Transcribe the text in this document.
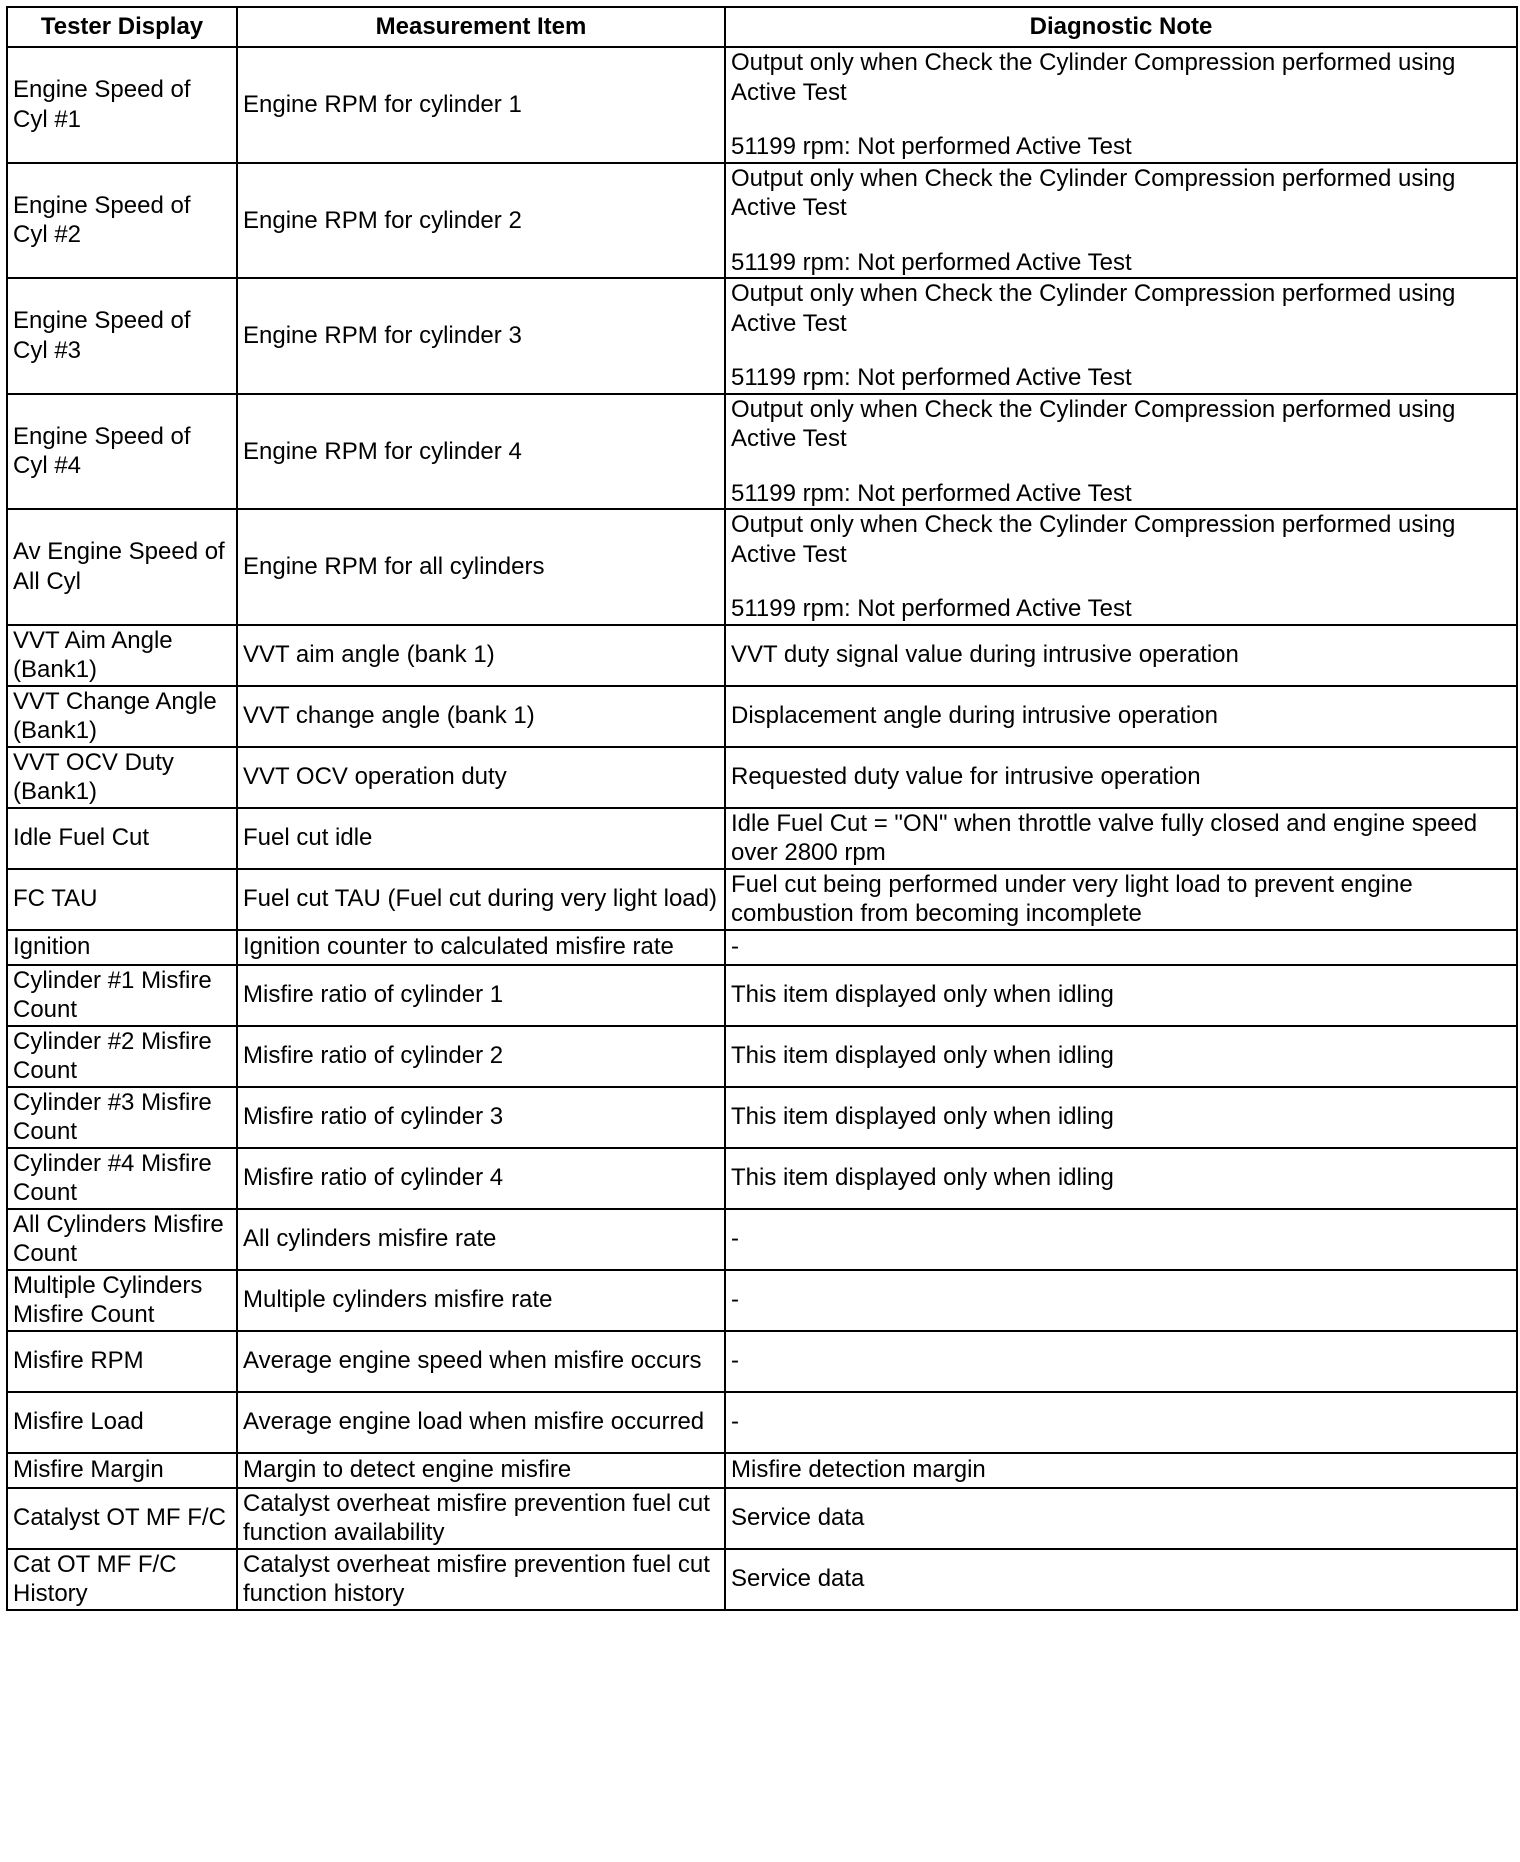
Tester Display	Measurement Item	Diagnostic Note
Engine Speed of Cyl #1	Engine RPM for cylinder 1	Output only when Check the Cylinder Compression performed using Active Test
51199 rpm: Not performed Active Test

Engine Speed of Cyl #2	Engine RPM for cylinder 2	Output only when Check the Cylinder Compression performed using Active Test
51199 rpm: Not performed Active Test

Engine Speed of Cyl #3	Engine RPM for cylinder 3	Output only when Check the Cylinder Compression performed using Active Test
51199 rpm: Not performed Active Test

Engine Speed of Cyl #4	Engine RPM for cylinder 4	Output only when Check the Cylinder Compression performed using Active Test
51199 rpm: Not performed Active Test

Av Engine Speed of All Cyl	Engine RPM for all cylinders	Output only when Check the Cylinder Compression performed using Active Test
51199 rpm: Not performed Active Test

VVT Aim Angle (Bank1)	VVT aim angle (bank 1)	VVT duty signal value during intrusive operation

VVT Change Angle (Bank1)	VVT change angle (bank 1)	Displacement angle during intrusive operation

VVT OCV Duty (Bank1)	VVT OCV operation duty	Requested duty value for intrusive operation

Idle Fuel Cut	Fuel cut idle	Idle Fuel Cut = "ON" when throttle valve fully closed and engine speed over 2800 rpm

FC TAU	Fuel cut TAU (Fuel cut during very light load)	Fuel cut being performed under very light load to prevent engine combustion from becoming incomplete

Ignition	Ignition counter to calculated misfire rate	-

Cylinder #1 Misfire Count	Misfire ratio of cylinder 1	This item displayed only when idling

Cylinder #2 Misfire Count	Misfire ratio of cylinder 2	This item displayed only when idling

Cylinder #3 Misfire Count	Misfire ratio of cylinder 3	This item displayed only when idling

Cylinder #4 Misfire Count	Misfire ratio of cylinder 4	This item displayed only when idling

All Cylinders Misfire Count	All cylinders misfire rate	-

Multiple Cylinders Misfire Count	Multiple cylinders misfire rate	-

Misfire RPM	Average engine speed when misfire occurs	-

Misfire Load	Average engine load when misfire occurred	-

Misfire Margin	Margin to detect engine misfire	Misfire detection margin

Catalyst OT MF F/C	Catalyst overheat misfire prevention fuel cut function availability	Service data

Cat OT MF F/C History	Catalyst overheat misfire prevention fuel cut function history	Service data
